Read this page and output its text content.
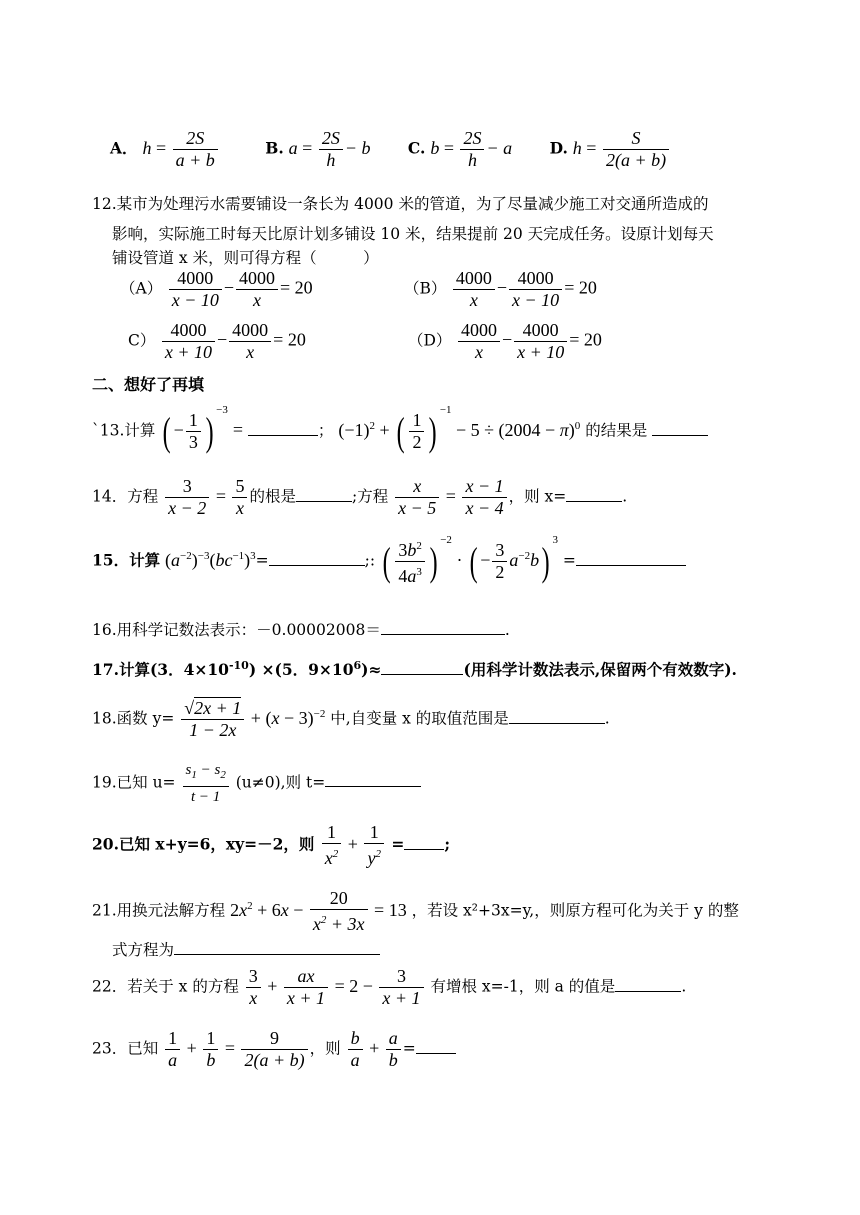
A． $h = \frac{2S}{a + b}$	B. $a = \frac{2S}{h} - b$ C. $b = \frac{2S}{h} - a$ D. $h = \frac{S}{2(a + b)}$
12.某市为处理污水需要铺设一条长为 4000 米的管道，为了尽量减少施工对交通所造成的
影响，实际施工时每天比原计划多铺设 10 米，结果提前 20 天完成任务。设原计划每天
铺设管道 x 米，则可得方程（　　　）
$(A) \frac{4000}{x - 10} - \frac{4000}{x} = 20$	$(B) \frac{4000}{x} - \frac{4000}{x - 10} = 20$
$C) \frac{4000}{x + 10} - \frac{4000}{x} = 20$	$(D) \frac{4000}{x} - \frac{4000}{x + 10} = 20$
二、想好了再填
`13.计算 ( − $\frac{1}{3}$ ) $^{-3}$ =	； $(-1)^2$ + ( $\frac{1}{2}$ ) $^{-1} - 5 \div (2004 - \pi)^0$ 的结果是
14．方程 $\frac{3}{x - 2} = \frac{5}{x}$ 的根是	;方程 $\frac{x}{x - 5} = \frac{x - 1}{x - 4}$ ，则 x=	.
15．计算 $(a^{-2})^{-3}(bc^{-1})^3=$	;: ( $\frac{3b^2}{4a^3}$ ) $^{-2}$ · ( − $\frac{3}{2} a^{-2}b$) $^3$ =
16.用科学记数法表示：－0.00002008＝	.
17.计算(3．$4\times 10^{-10}) \times(5$．$9\times 10^6)\approx$	(用科学计数法表示,保留两个有效数字).
18.函数 $y= \frac{√2x + 1}{1 - 2x} + (x - 3)^{-2}$ 中,自变量 x 的取值范围是	.
19.已知 $u= \frac{s_1 - s_2}{t - 1} (u\ne 0)$,则 t=
20.已知 x+y=6，xy=－2，则 $\frac{1}{x^2} + \frac{1}{y^2}$ =	;
21.用换元法解方程 $2x^2 + 6x - \frac{20}{x^2 + 3x} = 13$ ，若设 x²+3x=y,，则原方程可化为关于 y 的整
式方程为
22．若关于 x 的方程 $\frac{3}{x} + \frac{ax}{x + 1} = 2 - \frac{3}{x + 1}$ 有增根 x=-1，则 a 的值是	.
23．已知 $\frac{1}{a} + \frac{1}{b} = \frac{9}{2(a + b)}$ ，则 $\frac{b}{a} + \frac{a}{b}$ =
